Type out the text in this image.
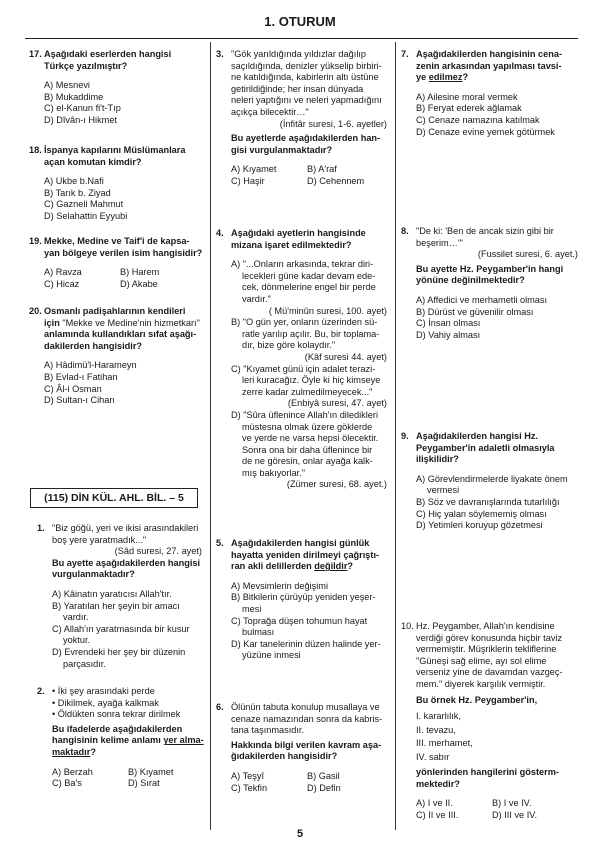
1. OTURUM
17. Aşağıdaki eserlerden hangisi
Türkçe yazılmıştır?
A) Mesnevi
B) Mukaddime
C) el-Kanun fi't-Tıp
D) Dîvân-ı Hikmet
18. İspanya kapılarını Müslümanlara
açan komutan kimdir?
A) Ukbe b.Nafi
B) Tarık b. Ziyad
C) Gazneli Mahmut
D) Selahattin Eyyubi
19. Mekke, Medine ve Taif'i de kapsa-
yan bölgeye verilen isim hangisidir?
A) Ravza	B) Harem
C) Hicaz	D) Akabe
20. Osmanlı padişahlarının kendileri
için "Mekke ve Medine'nin hizmetkarı"
anlamında kullandıkları sıfat aşağı-
dakilerden hangisidir?
A) Hâdimü'l-Harameyn
B) Evlad-ı Fatihan
C) Âl-i Osman
D) Sultan-ı Cihan
(115) DİN KÜL. AHL. BİL. – 5
1. "Biz göğü, yeri ve ikisi arasındakileri
boş yere yaratmadık..."
(Sâd suresi, 27. ayet)
Bu ayette aşağıdakilerden hangisi
vurgulanmaktadır?
A) Kâinatın yaratıcısı Allah'tır.
B) Yaratılan her şeyin bir amacı
vardır.
C) Allah'ın yaratmasında bir kusur
yoktur.
D) Evrendeki her şey bir düzenin
parçasıdır.
2. • İki şey arasındaki perde
• Dikilmek, ayağa kalkmak
• Öldükten sonra tekrar dirilmek
Bu ifadelerde aşağıdakilerden
hangisinin kelime anlamı yer alma-
maktadır?
A) Berzah	B) Kıyamet
C) Ba's	D) Sırat
3. "Gök yarıldığında yıldızlar dağılıp
saçıldığında, denizler yükselip birbiri-
ne katıldığında, kabirlerin altı üstüne
getirildiğinde; her insan dünyada
neleri yaptığını ve neleri yapmadığını
açıkça bilecektir…"
(İnfitâr suresi, 1-6. ayetler)
Bu ayetlerde aşağıdakilerden han-
gisi vurgulanmaktadır?
A) Kıyamet	B) A'raf
C) Haşir	D) Cehennem
4. Aşağıdaki ayetlerin hangisinde
mizana işaret edilmektedir?
A) "...Onların arkasında, tekrar diri-
lecekleri güne kadar devam ede-
cek, dönmelerine engel bir perde
vardır."
( Mü'minûn suresi, 100. ayet)
B) "O gün yer, onların üzerinden sü-
ratle yarılıp açılır. Bu, bir toplama-
dır, bize göre kolaydır."
(Kâf suresi 44. ayet)
C) "Kıyamet günü için adalet terazi-
leri kuracağız. Öyle ki hiç kimseye
zerre kadar zulmedilmeyecek..."
(Enbiyâ suresi, 47. ayet)
D) "Sûra üflenince Allah'ın diledikleri
müstesna olmak üzere göklerde
ve yerde ne varsa hepsi ölecektir.
Sonra ona bir daha üflenince bir
de ne göresin, onlar ayağa kalk-
mış bakıyorlar."
(Zümer suresi, 68. ayet.)
5. Aşağıdakilerden hangisi günlük
hayatta yeniden dirilmeyi çağrıştı-
ran akli delillerden değildir?
A) Mevsimlerin değişimi
B) Bitkilerin çürüyüp yeniden yeşer-
mesi
C) Toprağa düşen tohumun hayat
bulması
D) Kar tanelerinin düzen halinde yer-
yüzüne inmesi
6. Ölünün tabuta konulup musallaya ve
cenaze namazından sonra da kabris-
tana taşınmasıdır.
Hakkında bilgi verilen kavram aşa-
ğıdakilerden hangisidir?
A) Teşyî	B) Gasil
C) Tekfin	D) Defin
7. Aşağıdakilerden hangisinin cena-
zenin arkasından yapılması tavsi-
ye edilmez?
A) Ailesine moral vermek
B) Feryat ederek ağlamak
C) Cenaze namazına katılmak
D) Cenaze evine yemek götürmek
8. "De ki: 'Ben de ancak sizin gibi bir
beşerim…'"
(Fussilet suresi, 6. ayet.)
Bu ayette Hz. Peygamber'in hangi
yönüne değinilmektedir?
A) Affedici ve merhametli olması
B) Dürüst ve güvenilir olması
C) İnsan olması
D) Vahiy alması
9. Aşağıdakilerden hangisi Hz.
Peygamber'in adaletli olmasıyla
ilişkilidir?
A) Görevlendirmelerde liyakate önem
vermesi
B) Söz ve davranışlarında tutarlılığı
C) Hiç yalan söylememiş olması
D) Yetimleri koruyup gözetmesi
10. Hz. Peygamber, Allah'ın kendisine
verdiği görev konusunda hiçbir taviz
vermemiştir. Müşriklerin tekliflerine
"Güneşi sağ elime, ayı sol elime
verseniz yine de davamdan vazgeç-
mem." diyerek karşılık vermiştir.
Bu örnek Hz. Peygamber'in,
I. kararlılık,
II. tevazu,
III. merhamet,
IV. sabır
yönlerinden hangilerini gösterm-
mektedir?
A) I ve II.	B) I ve IV.
C) II ve III.	D) III ve IV.
5
